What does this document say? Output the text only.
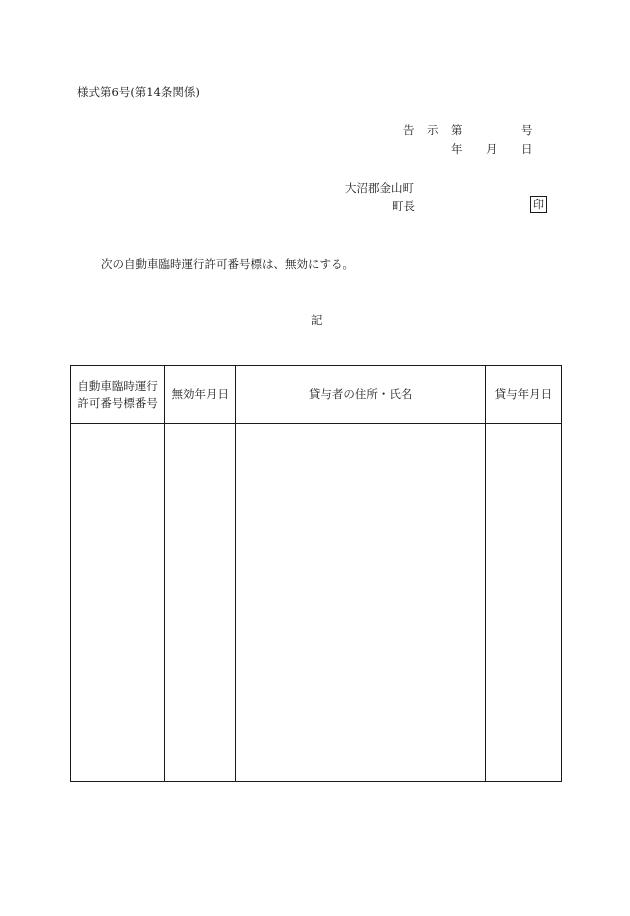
様式第6号(第14条関係)
告 示 第	号
年 月 日
大沼郡金山町
町長	印
次の自動車臨時運行許可番号標は、無効にする。
記
自動車臨時運行
許可番号標番号	無効年月日	貸与者の住所・氏名	貸与年月日
